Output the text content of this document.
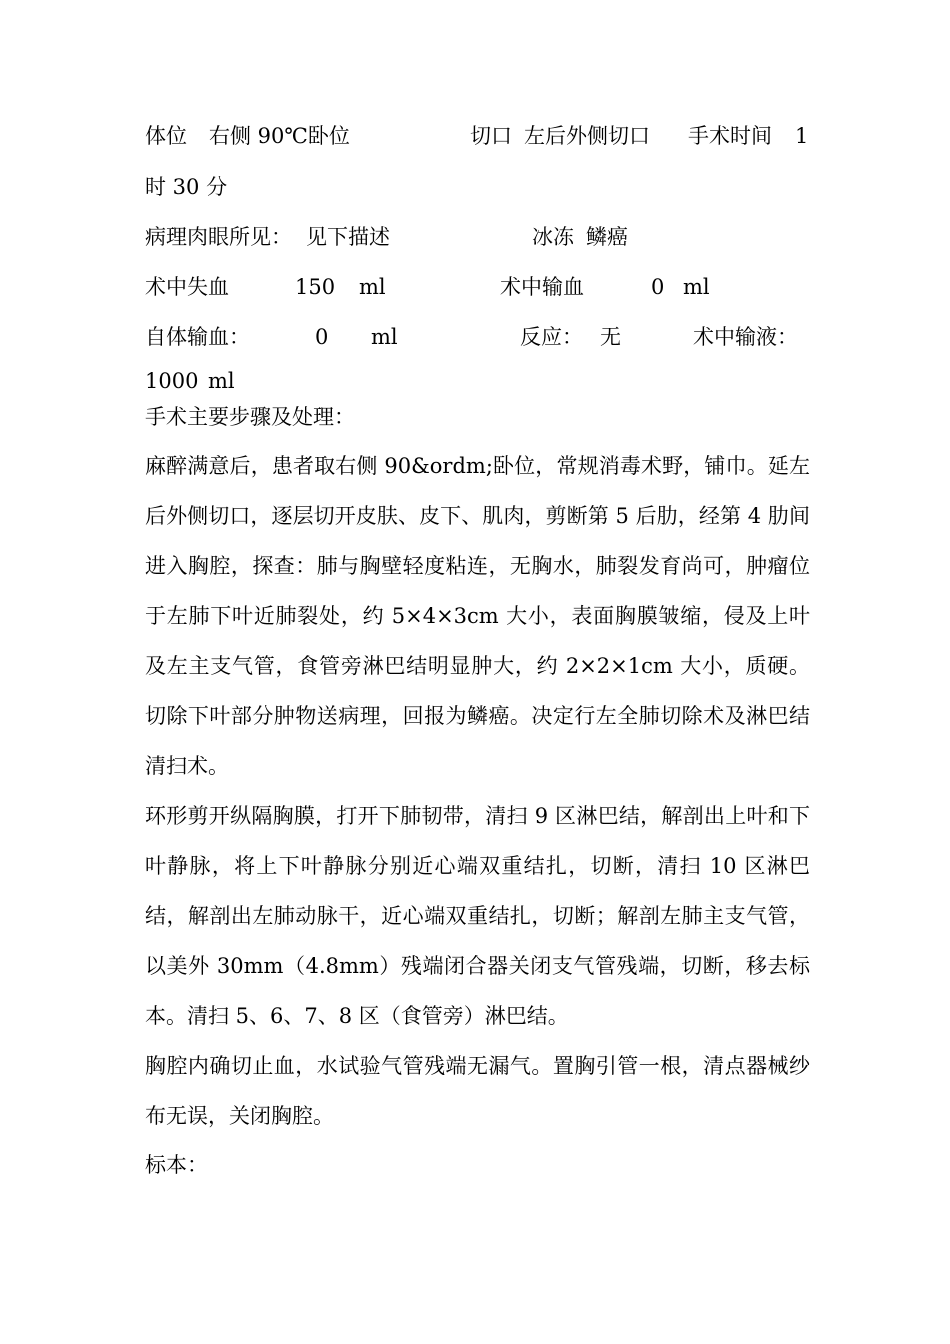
体位 右侧 90℃卧位	切口 左后外侧切口 手术时间 1
时 30 分
病理肉眼所见： 见下描述	冰冻 鳞癌
术中失血	150 ml	术中输血	0 ml
自体输血：	0 ml	反应： 无	术中输液：
1000 ml
手术主要步骤及处理：

麻醉满意后，患者取右侧 90&ordm;卧位，常规消毒术野，铺巾。延左后外侧切口，逐层切开皮肤、皮下、肌肉，剪断第 5 后肋，经第 4 肋间进入胸腔，探查：肺与胸壁轻度粘连，无胸水，肺裂发育尚可，肿瘤位于左肺下叶近肺裂处，约 5×4×3cm 大小，表面胸膜皱缩，侵及上叶及左主支气管，食管旁淋巴结明显肿大，约 2×2×1cm 大小，质硬。切除下叶部分肿物送病理，回报为鳞癌。决定行左全肺切除术及淋巴结清扫术。

环形剪开纵隔胸膜，打开下肺韧带，清扫 9 区淋巴结，解剖出上叶和下叶静脉，将上下叶静脉分别近心端双重结扎，切断，清扫 10 区淋巴结，解剖出左肺动脉干，近心端双重结扎，切断；解剖左肺主支气管，以美外 30mm（4.8mm）残端闭合器关闭支气管残端，切断，移去标本。清扫 5、6、7、8 区（食管旁）淋巴结。

胸腔内确切止血，水试验气管残端无漏气。置胸引管一根，清点器械纱布无误，关闭胸腔。

标本：
